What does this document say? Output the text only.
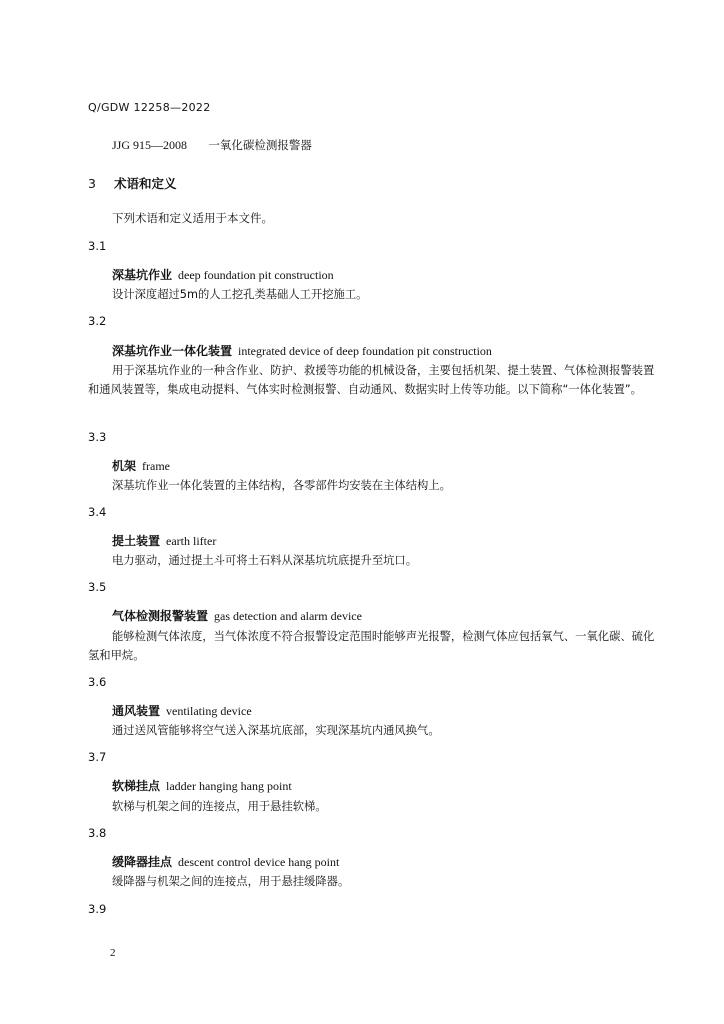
Q/GDW 12258—2022
JJG 915—2008 一氧化碳检测报警器
3 术语和定义
下列术语和定义适用于本文件。
3.1
深基坑作业 deep foundation pit construction
设计深度超过5m的人工挖孔类基础人工开挖施工。
3.2
深基坑作业一体化装置 integrated device of deep foundation pit construction
用于深基坑作业的一种含作业、防护、救援等功能的机械设备，主要包括机架、提土装置、气体检测报警装置和通风装置等，集成电动提料、气体实时检测报警、自动通风、数据实时上传等功能。以下简称“一体化装置”。
3.3
机架 frame
深基坑作业一体化装置的主体结构，各零部件均安装在主体结构上。
3.4
提土装置 earth lifter
电力驱动，通过提土斗可将土石料从深基坑坑底提升至坑口。
3.5
气体检测报警装置 gas detection and alarm device
能够检测气体浓度，当气体浓度不符合报警设定范围时能够声光报警，检测气体应包括氧气、一氧化碳、硫化氢和甲烷。
3.6
通风装置 ventilating device
通过送风管能够将空气送入深基坑底部，实现深基坑内通风换气。
3.7
软梯挂点 ladder hanging hang point
软梯与机架之间的连接点，用于悬挂软梯。
3.8
缓降器挂点 descent control device hang point
缓降器与机架之间的连接点，用于悬挂缓降器。
3.9
2
